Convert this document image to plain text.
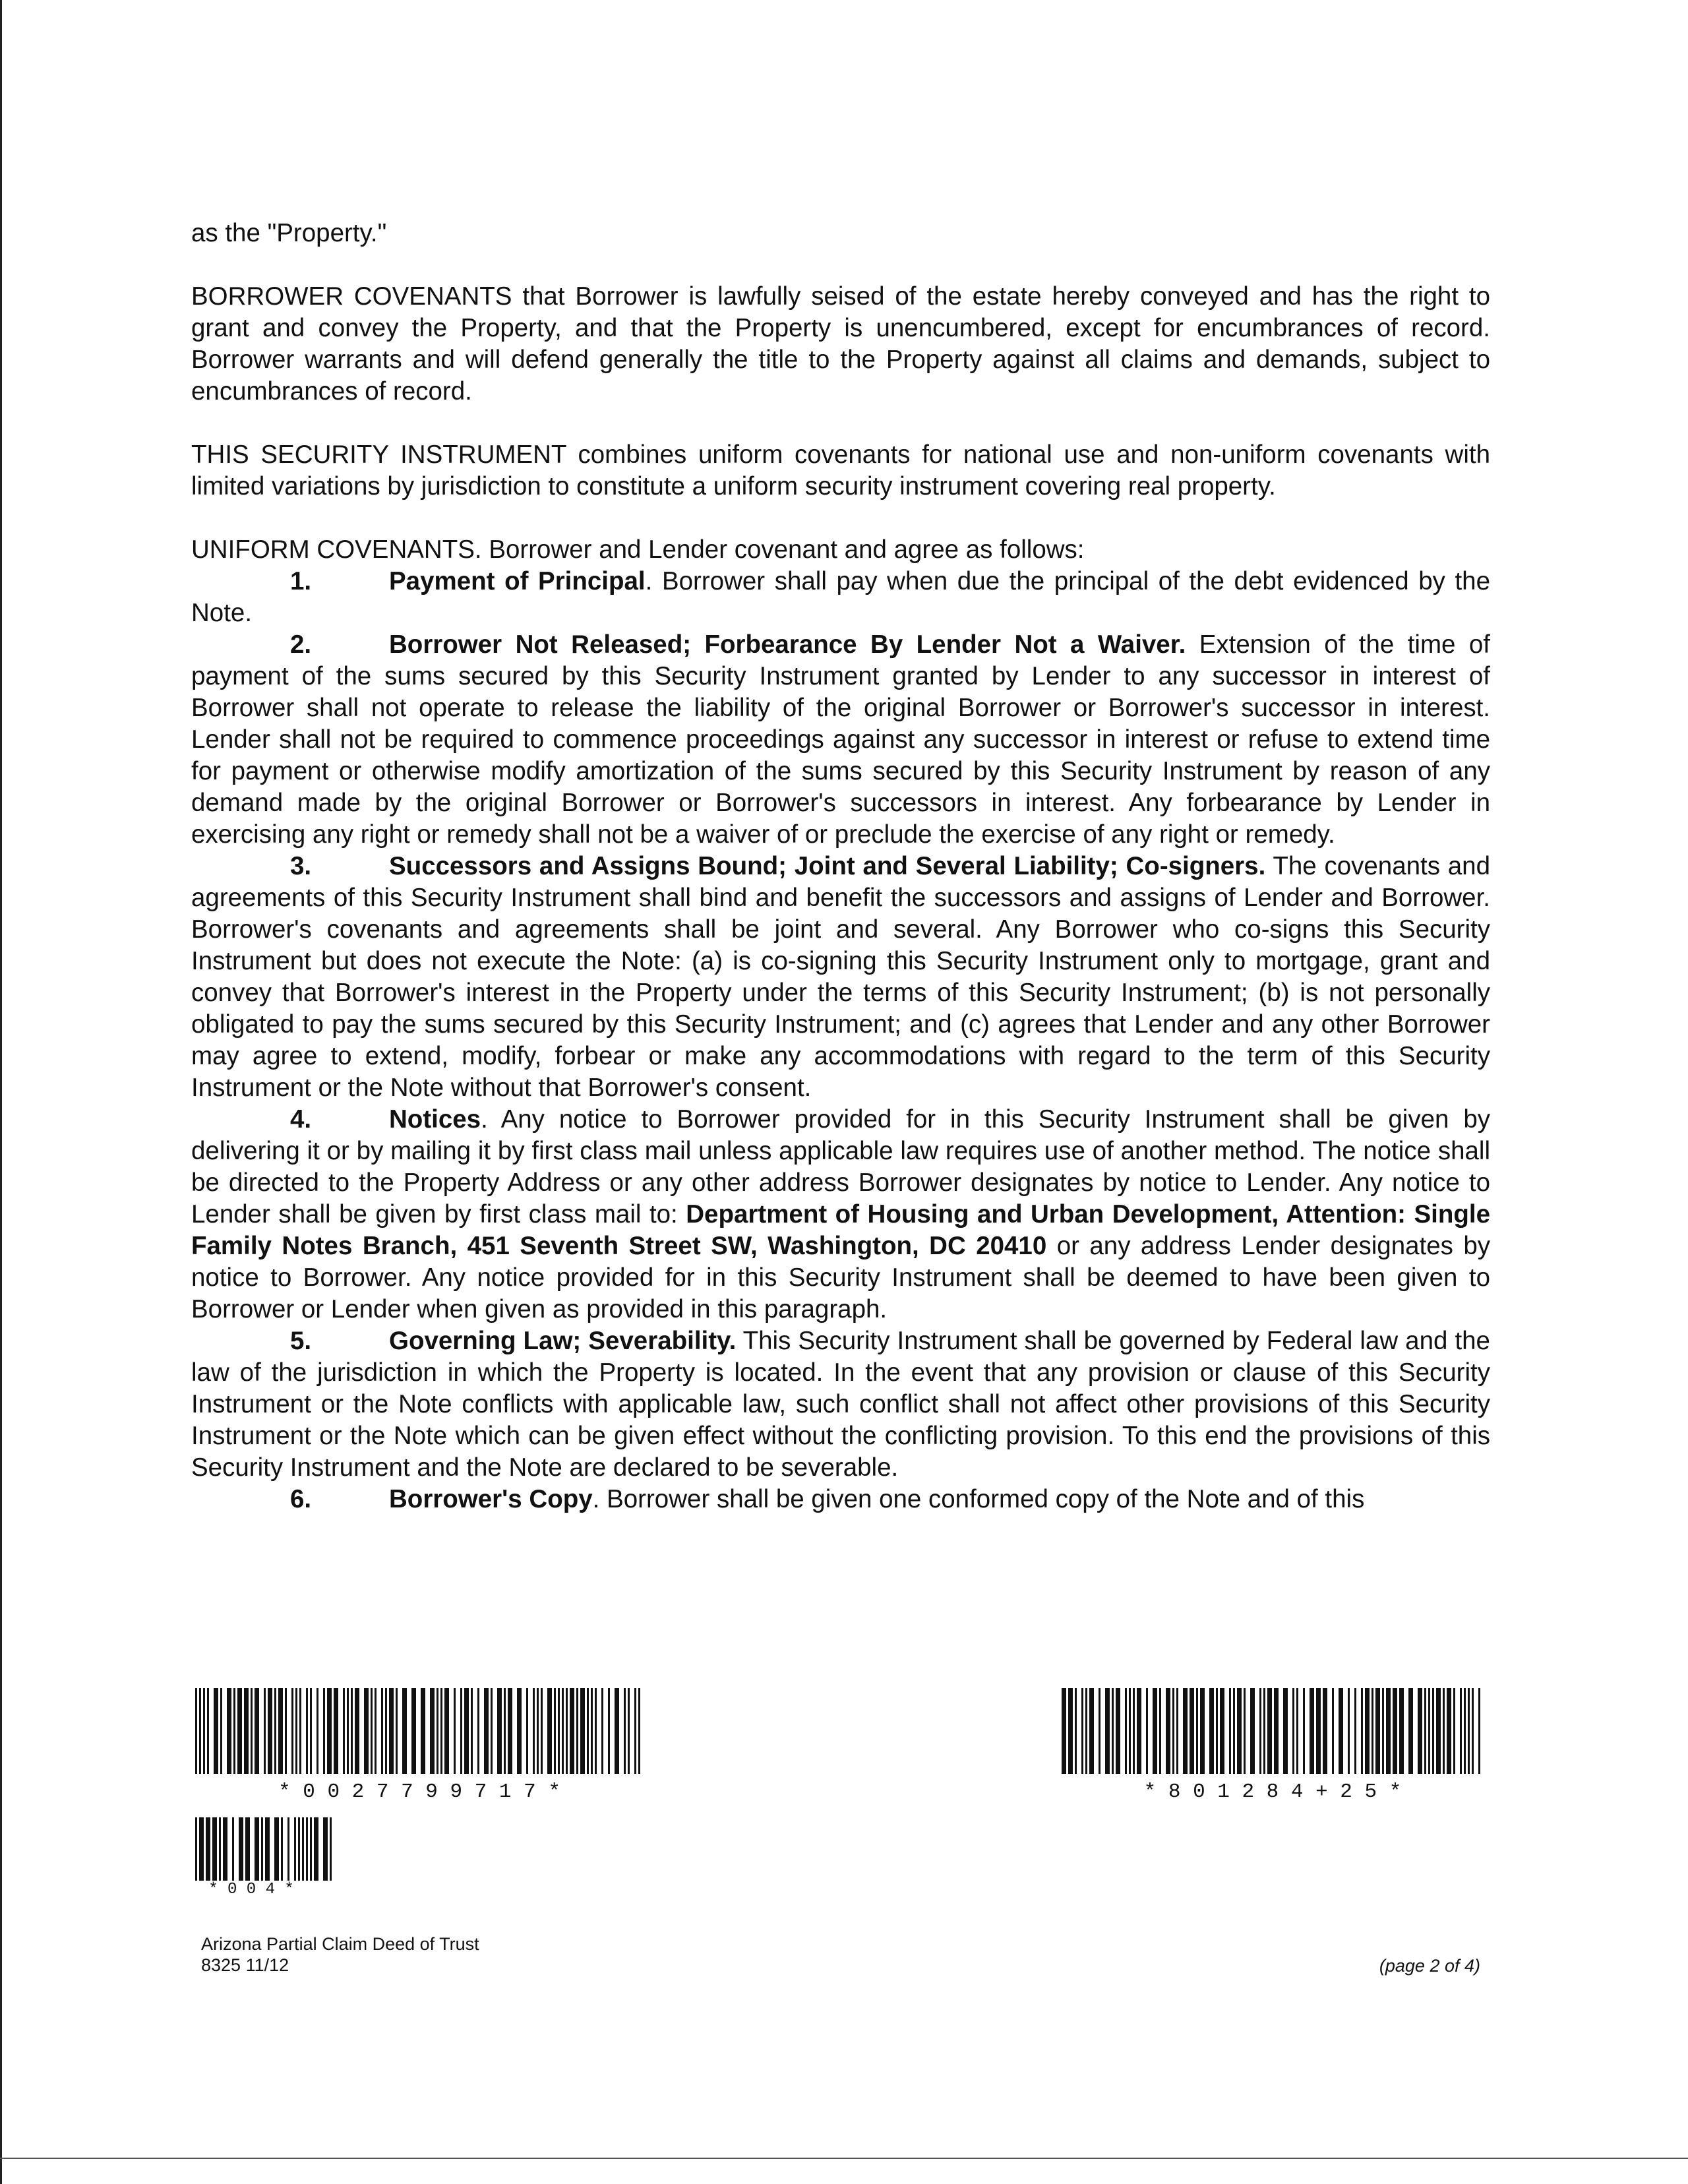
as the "Property."

BORROWER COVENANTS that Borrower is lawfully seised of the estate hereby conveyed and has the right to grant and convey the Property, and that the Property is unencumbered, except for encumbrances of record. Borrower warrants and will defend generally the title to the Property against all claims and demands, subject to encumbrances of record.

THIS SECURITY INSTRUMENT combines uniform covenants for national use and non-uniform covenants with limited variations by jurisdiction to constitute a uniform security instrument covering real property.

UNIFORM COVENANTS. Borrower and Lender covenant and agree as follows:

1.	Payment of Principal. Borrower shall pay when due the principal of the debt evidenced by the Note.

2.	Borrower Not Released; Forbearance By Lender Not a Waiver. Extension of the time of payment of the sums secured by this Security Instrument granted by Lender to any successor in interest of Borrower shall not operate to release the liability of the original Borrower or Borrower's successor in interest. Lender shall not be required to commence proceedings against any successor in interest or refuse to extend time for payment or otherwise modify amortization of the sums secured by this Security Instrument by reason of any demand made by the original Borrower or Borrower's successors in interest. Any forbearance by Lender in exercising any right or remedy shall not be a waiver of or preclude the exercise of any right or remedy.

3.	Successors and Assigns Bound; Joint and Several Liability; Co-signers. The covenants and agreements of this Security Instrument shall bind and benefit the successors and assigns of Lender and Borrower. Borrower's covenants and agreements shall be joint and several. Any Borrower who co-signs this Security Instrument but does not execute the Note: (a) is co-signing this Security Instrument only to mortgage, grant and convey that Borrower's interest in the Property under the terms of this Security Instrument; (b) is not personally obligated to pay the sums secured by this Security Instrument; and (c) agrees that Lender and any other Borrower may agree to extend, modify, forbear or make any accommodations with regard to the term of this Security Instrument or the Note without that Borrower's consent.

4.	Notices. Any notice to Borrower provided for in this Security Instrument shall be given by delivering it or by mailing it by first class mail unless applicable law requires use of another method. The notice shall be directed to the Property Address or any other address Borrower designates by notice to Lender. Any notice to Lender shall be given by first class mail to: Department of Housing and Urban Development, Attention: Single Family Notes Branch, 451 Seventh Street SW, Washington, DC 20410 or any address Lender designates by notice to Borrower. Any notice provided for in this Security Instrument shall be deemed to have been given to Borrower or Lender when given as provided in this paragraph.

5.	Governing Law; Severability. This Security Instrument shall be governed by Federal law and the law of the jurisdiction in which the Property is located. In the event that any provision or clause of this Security Instrument or the Note conflicts with applicable law, such conflict shall not affect other provisions of this Security Instrument or the Note which can be given effect without the conflicting provision. To this end the provisions of this Security Instrument and the Note are declared to be severable.

6.	Borrower's Copy. Borrower shall be given one conformed copy of the Note and of this

* 0 0 2 7 7 9 9 7 1 7 *	* 8 0 1 2 8 4 + 2 5 *
* 0 0 4 *
Arizona Partial Claim Deed of Trust
8325 11/12	(page 2 of 4)
